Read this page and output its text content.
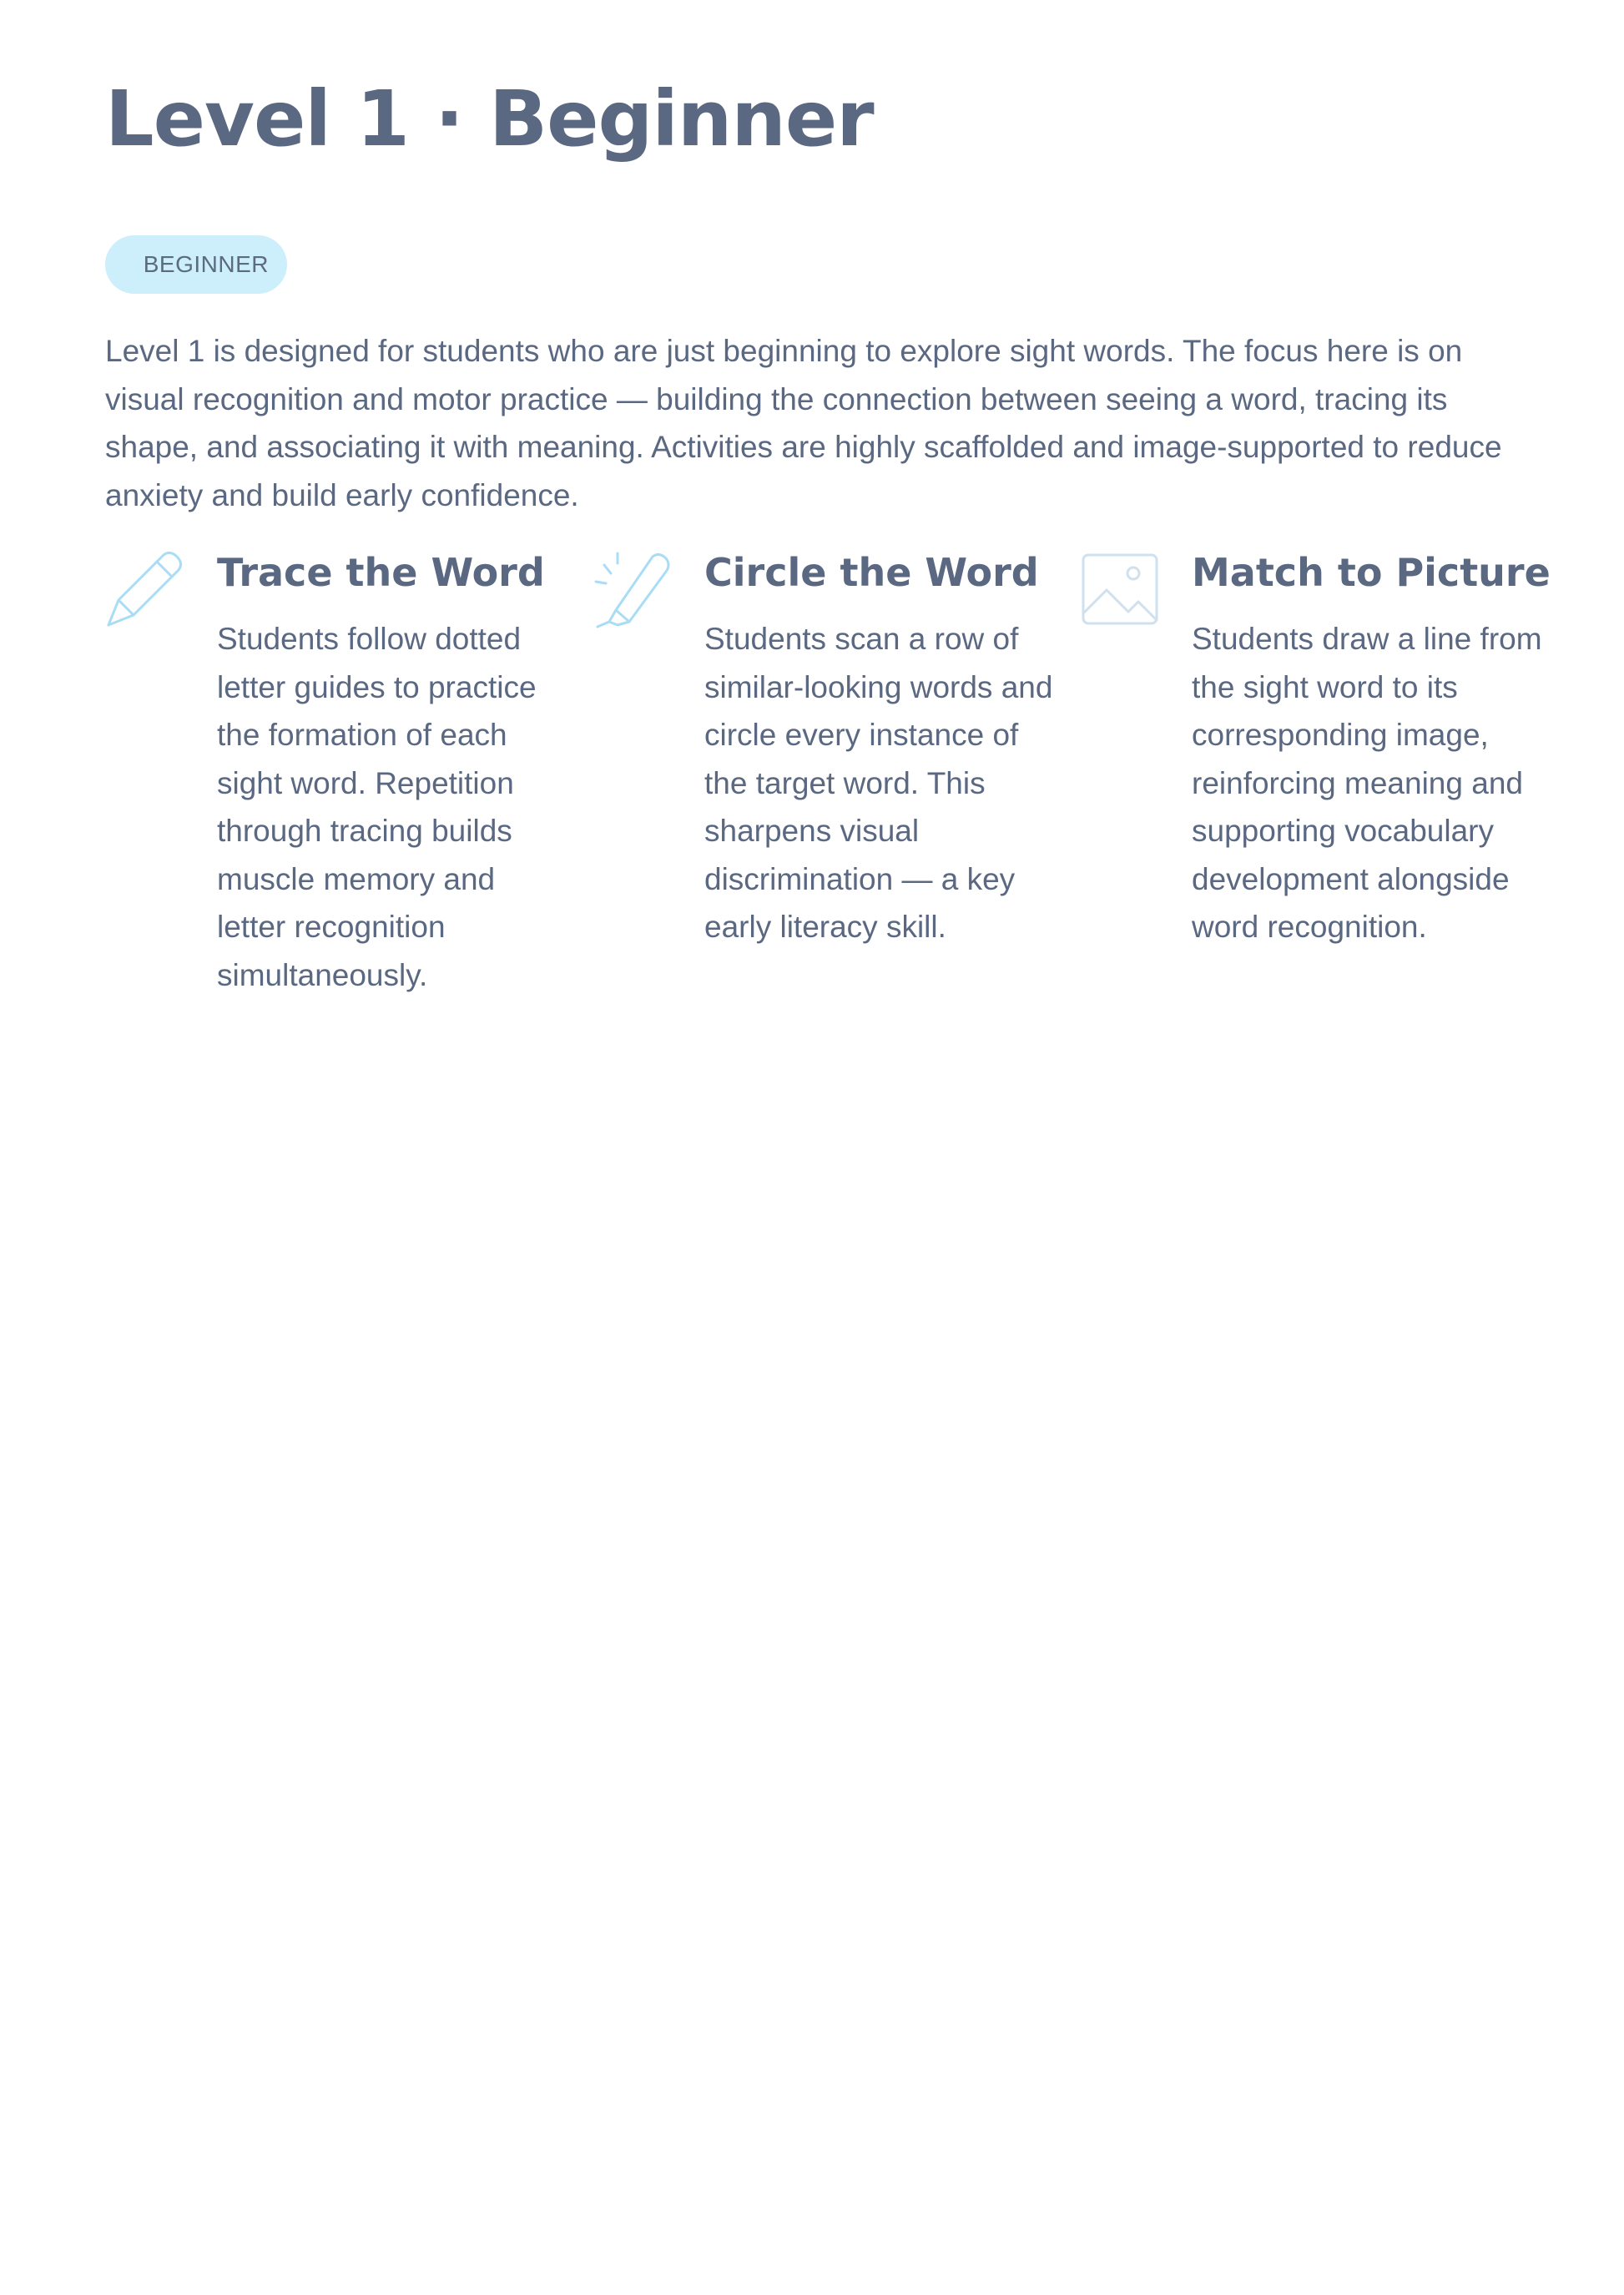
Level 1 · Beginner
BEGINNER

Level 1 is designed for students who are just beginning to explore sight words. The focus here is on visual recognition and motor practice — building the connection between seeing a word, tracing its shape, and associating it with meaning. Activities are highly scaffolded and image-supported to reduce anxiety and build early confidence.

Trace the Word

Students follow dotted letter guides to practice the formation of each sight word. Repetition through tracing builds muscle memory and letter recognition simultaneously.

Circle the Word

Students scan a row of similar-looking words and circle every instance of the target word. This sharpens visual discrimination — a key early literacy skill.

Match to Picture

Students draw a line from the sight word to its corresponding image, reinforcing meaning and supporting vocabulary development alongside word recognition.
